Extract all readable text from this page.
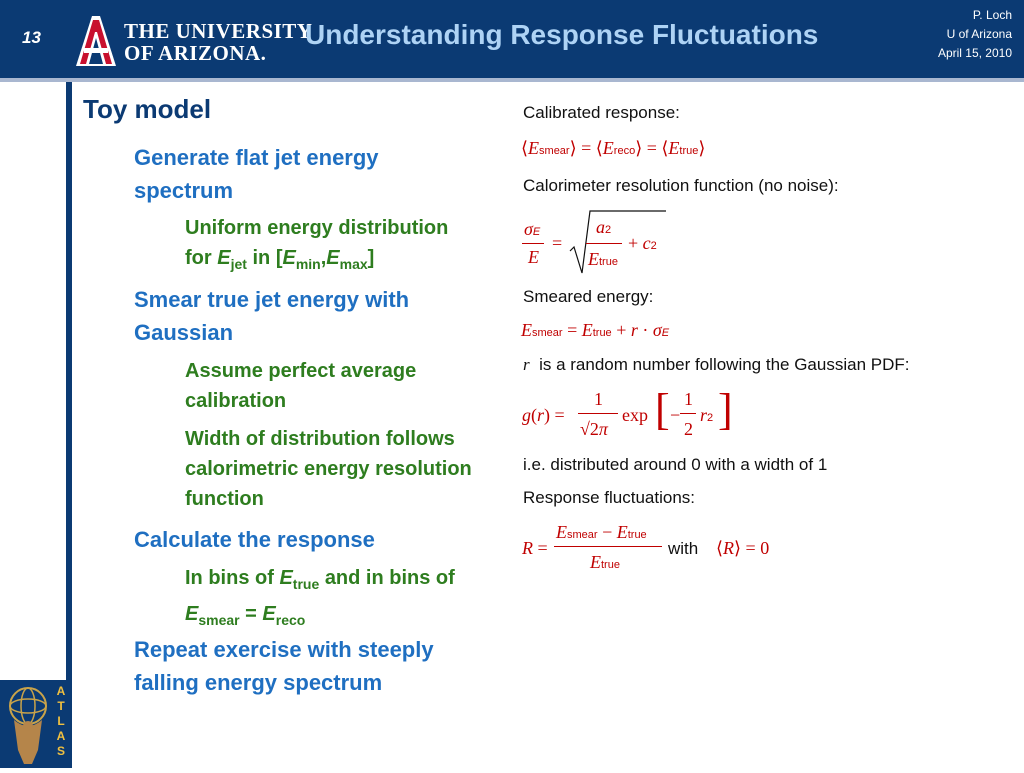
13	THE UNIVERSITY
OF ARIZONA.
Understanding Response Fluctuations
P. Loch
U of Arizona
April 15, 2010
ATLAS
Toy model
Generate flat jet energy spectrum
Uniform energy distribution
for $E_{jet}$ in $[E_{min},E_{max}]$
Smear true jet energy with Gaussian
Assume perfect average calibration
Width of distribution follows calorimetric energy resolution function
Calculate the response
In bins of $E_{true}$ and in bins of
$E_{smear} = E_{reco}$
Repeat exercise with steeply falling energy spectrum
Calibrated response:
⟨Esmear⟩ = ⟨Ereco⟩ = ⟨Etrue⟩
Calorimeter resolution function (no noise):
σE
E
=
a2
Etrue
+ c2
Smeared energy:
Esmear = Etrue + r · σE
r is a random number following the Gaussian PDF:
g(r) =
1
√2π
exp [ −
1
2
r2 ]
i.e. distributed around 0 with a width of 1
Response fluctuations:
R =
Esmear − Etrue
Etrue
with ⟨R⟩ = 0
